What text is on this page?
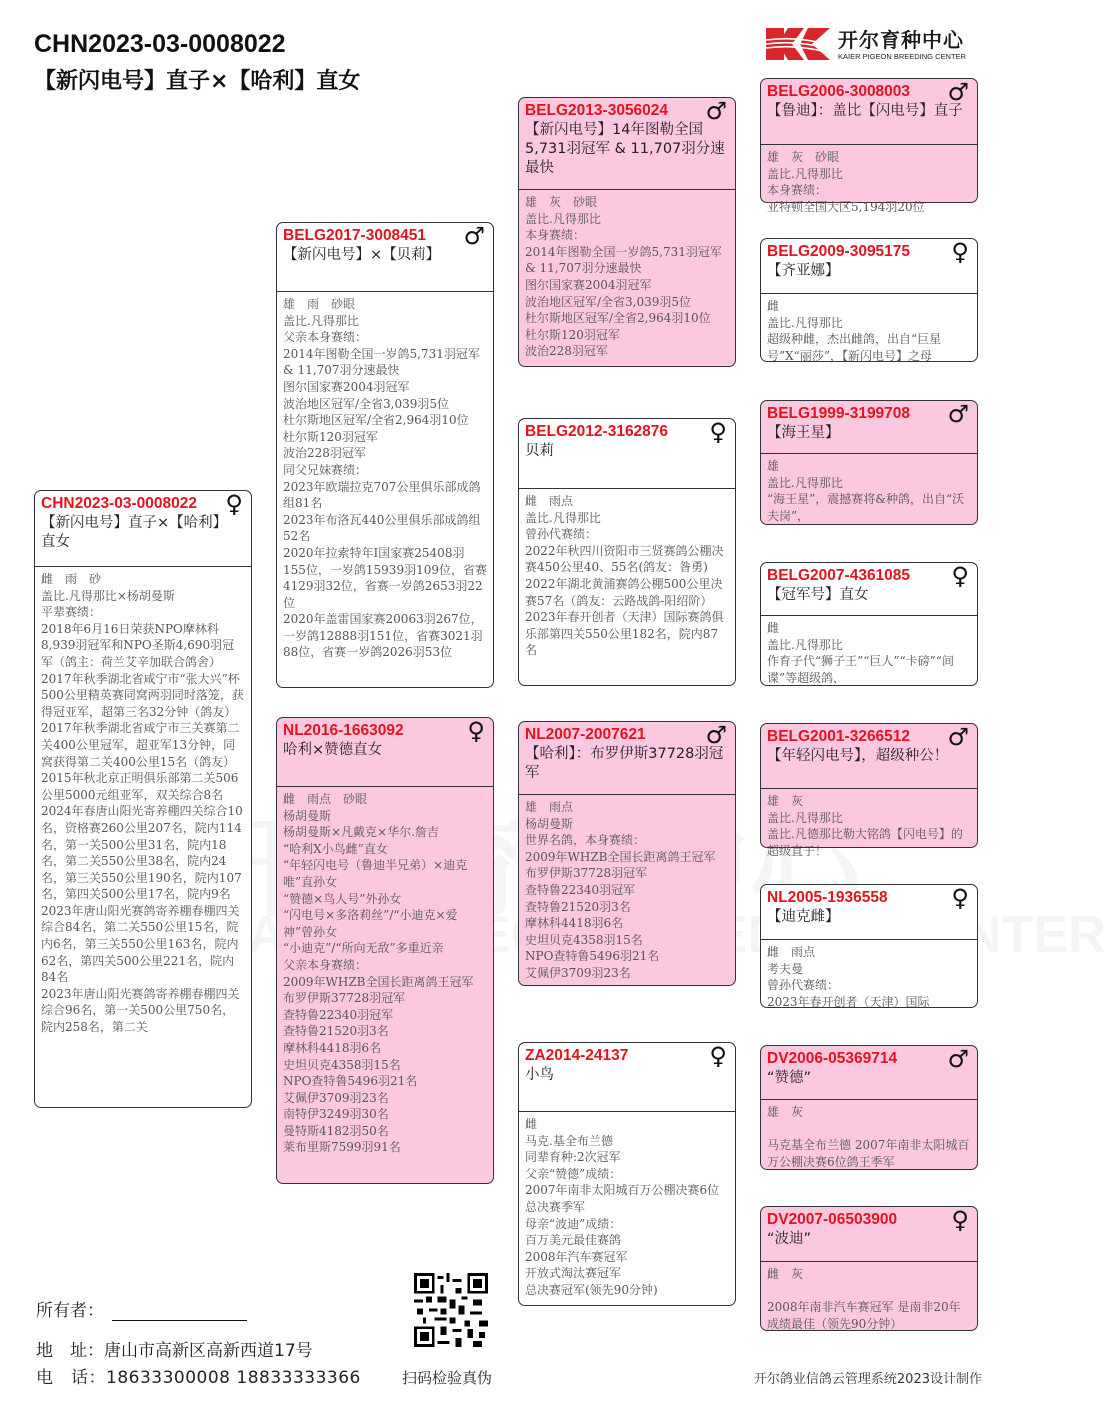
CHN2023-03-0008022
【新闪电号】直子×【哈利】直女
开尔育种中心
KAIER PIGEON BREEDING CENTER
CHN2023-03-0008022	♀
【新闪电号】直子×【哈利】直女
雌　雨　砂
盖比.凡得那比×杨胡曼斯
平辈赛绩：
2018年6月16日荣获NPO摩林科8,939羽冠军和NPO圣斯4,690羽冠军（鸽主：荷兰艾辛加联合鸽舍）
2017年秋季湖北省咸宁市“张大兴”杯500公里精英赛同窝两羽同时落笼，获得冠亚军，超第三名32分钟（鸽友）
2017年秋季湖北省咸宁市三关赛第二关400公里冠军，超亚军13分钟，同窝获得第二关400公里15名（鸽友）
2015年秋北京正明俱乐部第二关506公里5000元组亚军，双关综合8名
2024年春唐山阳光寄养棚四关综合10名，资格赛260公里207名，院内114名，第一关500公里31名，院内18名，第二关550公里38名，院内24名，第三关550公里190名，院内107名，第四关500公里17名，院内9名
2023年唐山阳光赛鸽寄养棚春棚四关综合84名，第二关550公里15名，院内6名，第三关550公里163名，院内62名，第四关500公里221名，院内84名
2023年唐山阳光赛鸽寄养棚春棚四关综合96名，第一关500公里750名，院内258名，第二关
BELG2017-3008451	♂
【新闪电号】×【贝莉】
雄　雨　砂眼
盖比.凡得那比
父亲本身赛绩：
2014年图勒全国一岁鸽5,731羽冠军 & 11,707羽分速最快
图尔国家赛2004羽冠军
波治地区冠军/全省3,039羽5位
杜尔斯地区冠军/全省2,964羽10位
杜尔斯120羽冠军
波治228羽冠军
同父兄妹赛绩：
2023年欧瑞拉克707公里俱乐部成鸽组81名
2023年布洛瓦440公里俱乐部成鸽组52名
2020年拉索特年I国家赛25408羽155位，一岁鸽15939羽109位，省赛4129羽32位，省赛一岁鸽2653羽22位
2020年盖雷国家赛20063羽267位，一岁鸽12888羽151位，省赛3021羽88位，省赛一岁鸽2026羽53位
NL2016-1663092	♀
哈利×赞德直女
雌　雨点　砂眼
杨胡曼斯
杨胡曼斯×凡戴克×华尔.詹吉
“哈利X小鸟雌”直女
“年轻闪电号（鲁迪半兄弟）×迪克唯”直孙女
“赞德×鸟人号”外孙女
“闪电号×多洛莉丝”/“小迪克×爱神”曾孙女
“小迪克”/“所向无敌”多重近亲
父亲本身赛绩：
2009年WHZB全国长距离鸽王冠军
布罗伊斯37728羽冠军
查特鲁22340羽冠军
查特鲁21520羽3名
摩林科4418羽6名
史坦贝克4358羽15名
NPO查特鲁5496羽21名
艾佩伊3709羽23名
南特伊3249羽30名
曼特斯4182羽50名
莱布里斯7599羽91名
BELG2013-3056024	♂
【新闪电号】14年图勒全国5,731羽冠军 & 11,707羽分速最快
雄　灰　砂眼
盖比.凡得那比
本身赛绩：
2014年图勒全国一岁鸽5,731羽冠军 & 11,707羽分速最快
图尔国家赛2004羽冠军
波治地区冠军/全省3,039羽5位
杜尔斯地区冠军/全省2,964羽10位
杜尔斯120羽冠军
波治228羽冠军
BELG2012-3162876	♀
贝莉
雌　雨点
盖比.凡得那比
曾孙代赛绩：
2022年秋四川资阳市三贤赛鸽公棚决赛450公里40、55名(鸽友：昝勇)
2022年湖北黄浦赛鸽公棚500公里决赛57名（鸽友：云路战鸽-阳绍阶）
2023年春开创者（天津）国际赛鸽俱乐部第四关550公里182名，院内87名
NL2007-2007621	♂
【哈利】：布罗伊斯37728羽冠军
雄　雨点
杨胡曼斯
世界名鸽，本身赛绩：
2009年WHZB全国长距离鸽王冠军
布罗伊斯37728羽冠军
查特鲁22340羽冠军
查特鲁21520羽3名
摩林科4418羽6名
史坦贝克4358羽15名
NPO查特鲁5496羽21名
艾佩伊3709羽23名
ZA2014-24137	♀
小鸟
雌
马克.基全布兰德
同辈育种:2次冠军
父亲“赞德”成绩：
2007年南非太阳城百万公棚决赛6位总决赛季军
母亲“波迪”成绩：
百万美元最佳赛鸽
2008年汽车赛冠军
开放式淘汰赛冠军
总决赛冠军(领先90分钟)
BELG2006-3008003	♂
【鲁迪】：盖比【闪电号】直子
雄　灰　砂眼
盖比.凡得那比
本身赛绩：
亚特顿全国大区5,194羽20位
BELG2009-3095175	♀
【齐亚娜】
雌
盖比.凡得那比
超级种雌，杰出雌鸽，出自“巨星号”X“丽莎”，【新闪电号】之母
BELG1999-3199708	♂
【海王星】
雄
盖比.凡得那比
“海王星”，震撼赛将&种鸽，出自“沃夫岗”，
BELG2007-4361085	♀
【冠军号】直女
雌
盖比.凡得那比
作育子代“狮子王”“巨人”“卡磅”“间谍”等超级鸽，
BELG2001-3266512	♂
【年轻闪电号】，超级种公！
雄　灰
盖比.凡得那比
盖比.凡德那比勒大铭鸽【闪电号】的超级直子！
NL2005-1936558	♀
【迪克雌】
雌　雨点
考夫曼
曾孙代赛绩：
2023年春开创者（天津）国际
DV2006-05369714	♂
“赞德”
雄　灰

马克基全布兰德 2007年南非太阳城百万公棚决赛6位鸽王季军
DV2007-06503900	♀
“波迪”
雌　灰

2008年南非汽车赛冠军 是南非20年成绩最佳（领先90分钟）
所有者：
地　址：唐山市高新区高新西道17号
电　话：18633300008 18833333366	扫码检验真伪	开尔鸽业信鸽云管理系统2023设计制作
